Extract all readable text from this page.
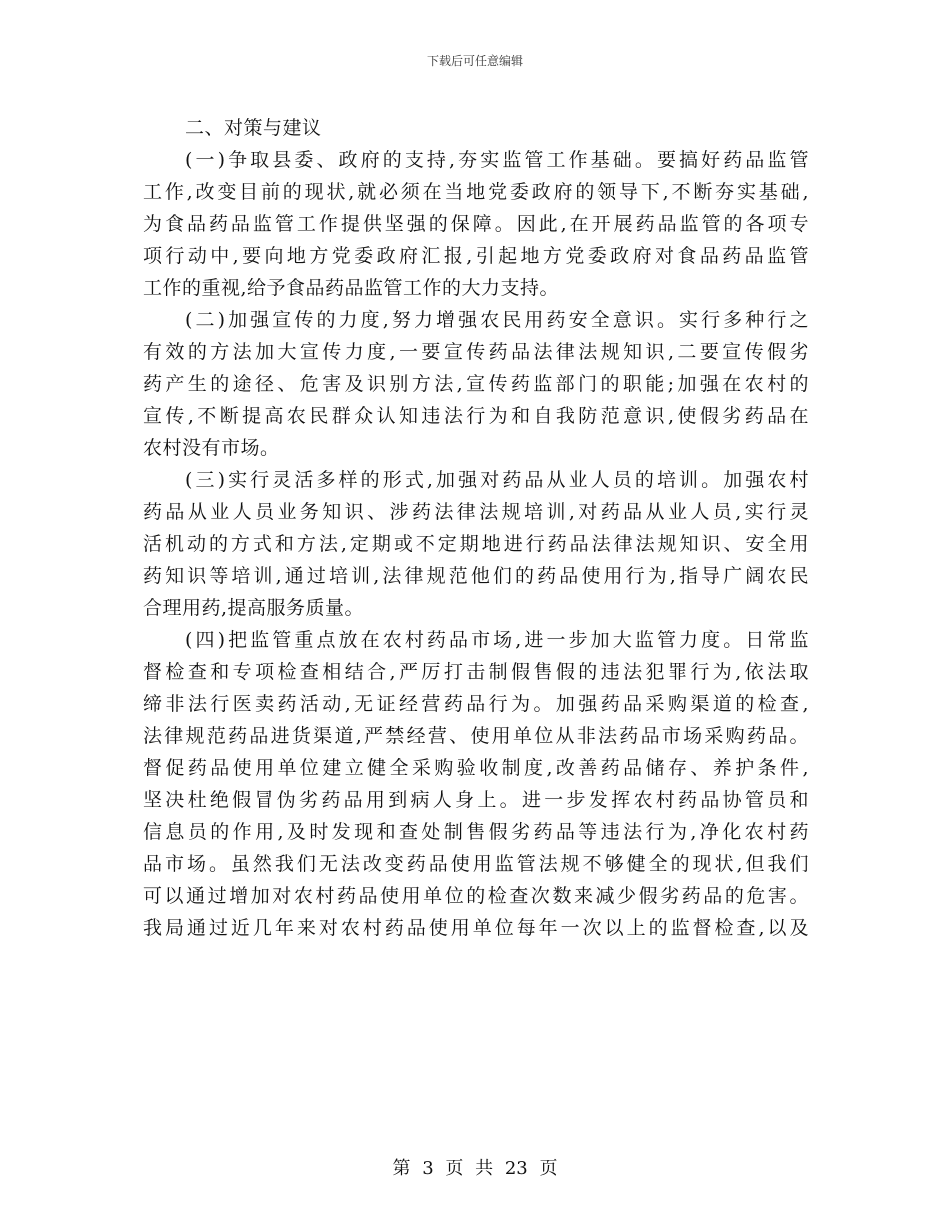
下载后可任意编辑
二、对策与建议
(一)争取县委、政府的支持,夯实监管工作基础。要搞好药品监管
工作,改变目前的现状,就必须在当地党委政府的领导下,不断夯实基础,
为食品药品监管工作提供坚强的保障。因此,在开展药品监管的各项专
项行动中,要向地方党委政府汇报,引起地方党委政府对食品药品监管
工作的重视,给予食品药品监管工作的大力支持。
(二)加强宣传的力度,努力增强农民用药安全意识。实行多种行之
有效的方法加大宣传力度,一要宣传药品法律法规知识,二要宣传假劣
药产生的途径、危害及识别方法,宣传药监部门的职能;加强在农村的
宣传,不断提高农民群众认知违法行为和自我防范意识,使假劣药品在
农村没有市场。
(三)实行灵活多样的形式,加强对药品从业人员的培训。加强农村
药品从业人员业务知识、涉药法律法规培训,对药品从业人员,实行灵
活机动的方式和方法,定期或不定期地进行药品法律法规知识、安全用
药知识等培训,通过培训,法律规范他们的药品使用行为,指导广阔农民
合理用药,提高服务质量。
(四)把监管重点放在农村药品市场,进一步加大监管力度。日常监
督检查和专项检查相结合,严厉打击制假售假的违法犯罪行为,依法取
缔非法行医卖药活动,无证经营药品行为。加强药品采购渠道的检查,
法律规范药品进货渠道,严禁经营、使用单位从非法药品市场采购药品。
督促药品使用单位建立健全采购验收制度,改善药品储存、养护条件,
坚决杜绝假冒伪劣药品用到病人身上。进一步发挥农村药品协管员和
信息员的作用,及时发现和查处制售假劣药品等违法行为,净化农村药
品市场。虽然我们无法改变药品使用监管法规不够健全的现状,但我们
可以通过增加对农村药品使用单位的检查次数来减少假劣药品的危害。
我局通过近几年来对农村药品使用单位每年一次以上的监督检查,以及
第 3 页 共 23 页
